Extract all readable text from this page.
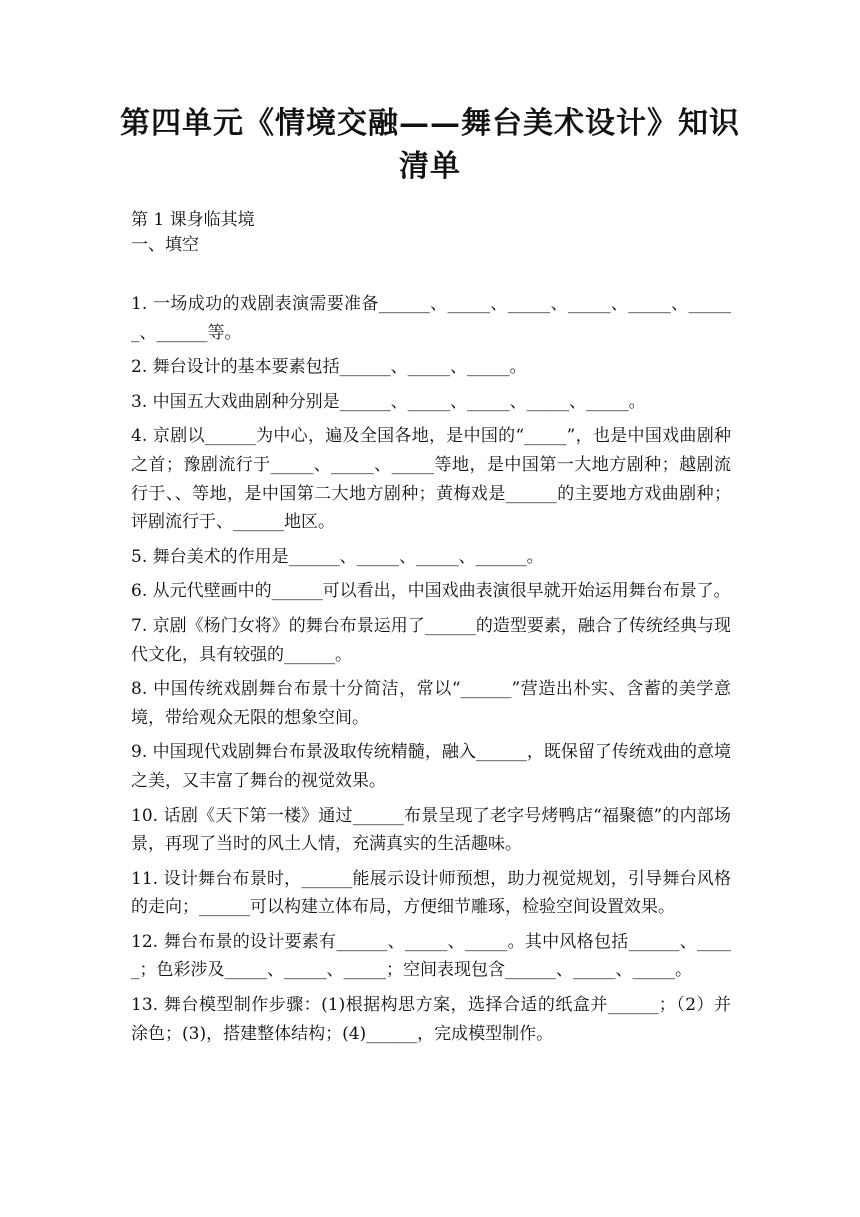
第四单元《情境交融——舞台美术设计》知识清单
第 1 课身临其境
一、填空

1. 一场成功的戏剧表演需要准备______、_____、_____、_____、_____、______、______等。

2. 舞台设计的基本要素包括______、_____、_____。

3. 中国五大戏曲剧种分别是______、_____、_____、_____、_____。

4. 京剧以______为中心，遍及全国各地，是中国的“_____”，也是中国戏曲剧种之首；豫剧流行于_____、_____、_____等地，是中国第一大地方剧种；越剧流行于、、等地，是中国第二大地方剧种；黄梅戏是______的主要地方戏曲剧种；评剧流行于、______地区。

5. 舞台美术的作用是______、_____、_____、______。

6. 从元代壁画中的______可以看出，中国戏曲表演很早就开始运用舞台布景了。

7. 京剧《杨门女将》的舞台布景运用了______的造型要素，融合了传统经典与现代文化，具有较强的______。

8. 中国传统戏剧舞台布景十分简洁，常以“______”营造出朴实、含蓄的美学意境，带给观众无限的想象空间。

9. 中国现代戏剧舞台布景汲取传统精髓，融入______，既保留了传统戏曲的意境之美，又丰富了舞台的视觉效果。

10. 话剧《天下第一楼》通过______布景呈现了老字号烤鸭店“福聚德”的内部场景，再现了当时的风土人情，充满真实的生活趣味。

11. 设计舞台布景时，______能展示设计师预想，助力视觉规划，引导舞台风格的走向；______可以构建立体布局，方便细节雕琢，检验空间设置效果。

12. 舞台布景的设计要素有______、_____、_____。其中风格包括______、_____；色彩涉及_____、_____、_____；空间表现包含______、_____、_____。

13. 舞台模型制作步骤：(1)根据构思方案，选择合适的纸盒并______；（2）并涂色；(3)，搭建整体结构；(4)______，完成模型制作。
